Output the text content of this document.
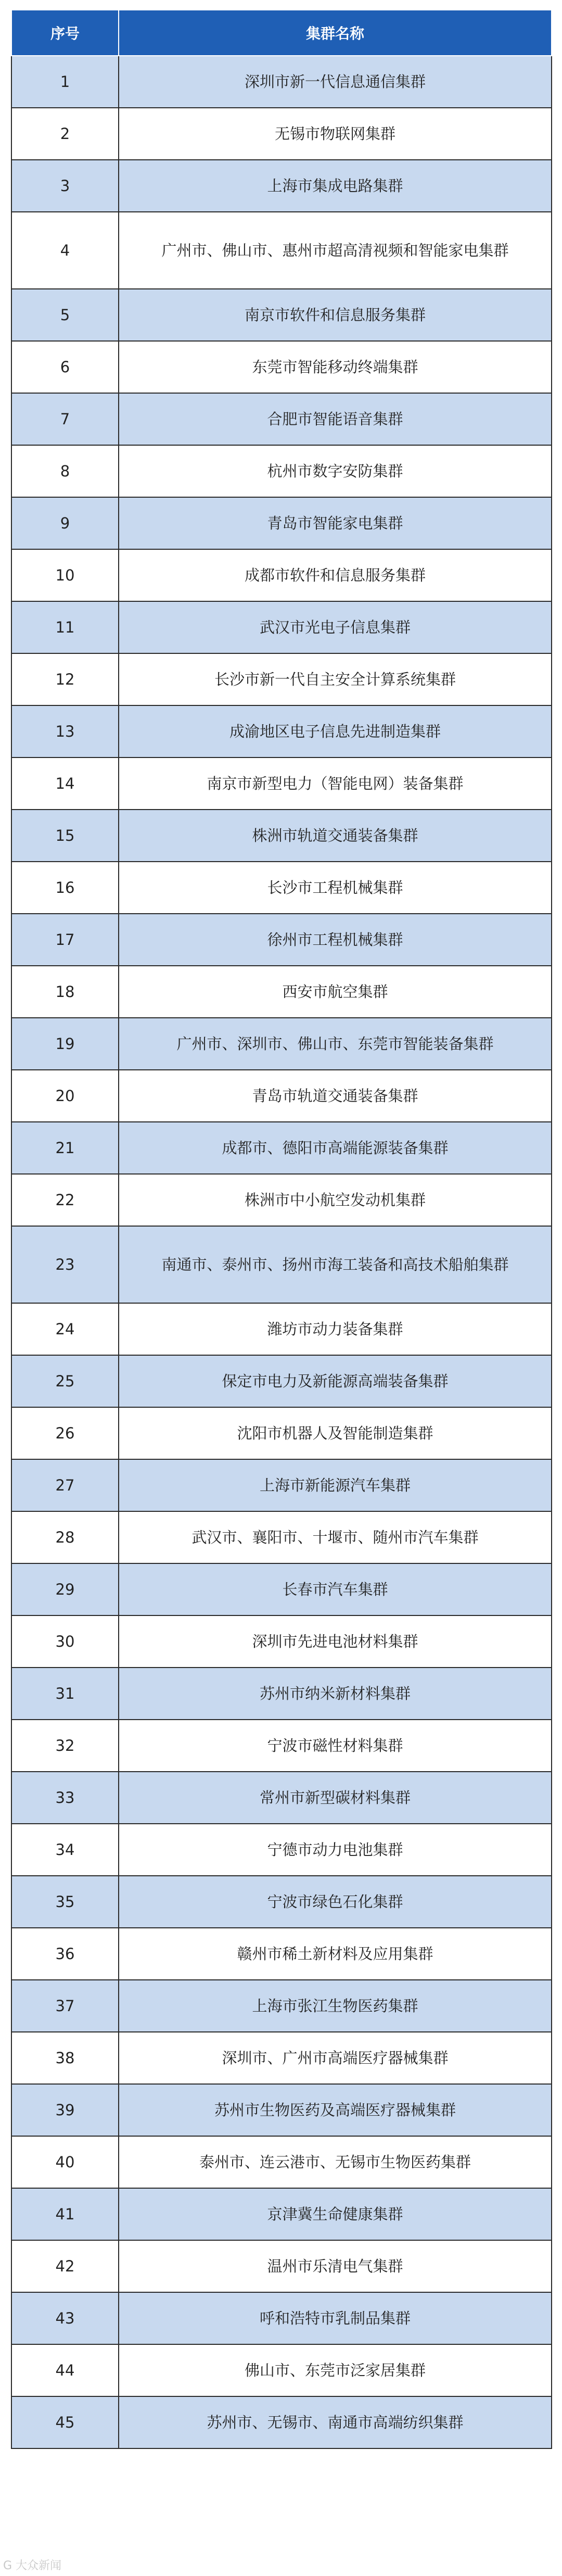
序号	集群名称
1	深圳市新一代信息通信集群
2	无锡市物联网集群
3	上海市集成电路集群
4	广州市、佛山市、惠州市超高清视频和智能家电集群
5	南京市软件和信息服务集群
6	东莞市智能移动终端集群
7	合肥市智能语音集群
8	杭州市数字安防集群
9	青岛市智能家电集群
10	成都市软件和信息服务集群
11	武汉市光电子信息集群
12	长沙市新一代自主安全计算系统集群
13	成渝地区电子信息先进制造集群
14	南京市新型电力（智能电网）装备集群
15	株洲市轨道交通装备集群
16	长沙市工程机械集群
17	徐州市工程机械集群
18	西安市航空集群
19	广州市、深圳市、佛山市、东莞市智能装备集群
20	青岛市轨道交通装备集群
21	成都市、德阳市高端能源装备集群
22	株洲市中小航空发动机集群
23	南通市、泰州市、扬州市海工装备和高技术船舶集群
24	潍坊市动力装备集群
25	保定市电力及新能源高端装备集群
26	沈阳市机器人及智能制造集群
27	上海市新能源汽车集群
28	武汉市、襄阳市、十堰市、随州市汽车集群
29	长春市汽车集群
30	深圳市先进电池材料集群
31	苏州市纳米新材料集群
32	宁波市磁性材料集群
33	常州市新型碳材料集群
34	宁德市动力电池集群
35	宁波市绿色石化集群
36	赣州市稀土新材料及应用集群
37	上海市张江生物医药集群
38	深圳市、广州市高端医疗器械集群
39	苏州市生物医药及高端医疗器械集群
40	泰州市、连云港市、无锡市生物医药集群
41	京津冀生命健康集群
42	温州市乐清电气集群
43	呼和浩特市乳制品集群
44	佛山市、东莞市泛家居集群
45	苏州市、无锡市、南通市高端纺织集群
G 大众新闻
